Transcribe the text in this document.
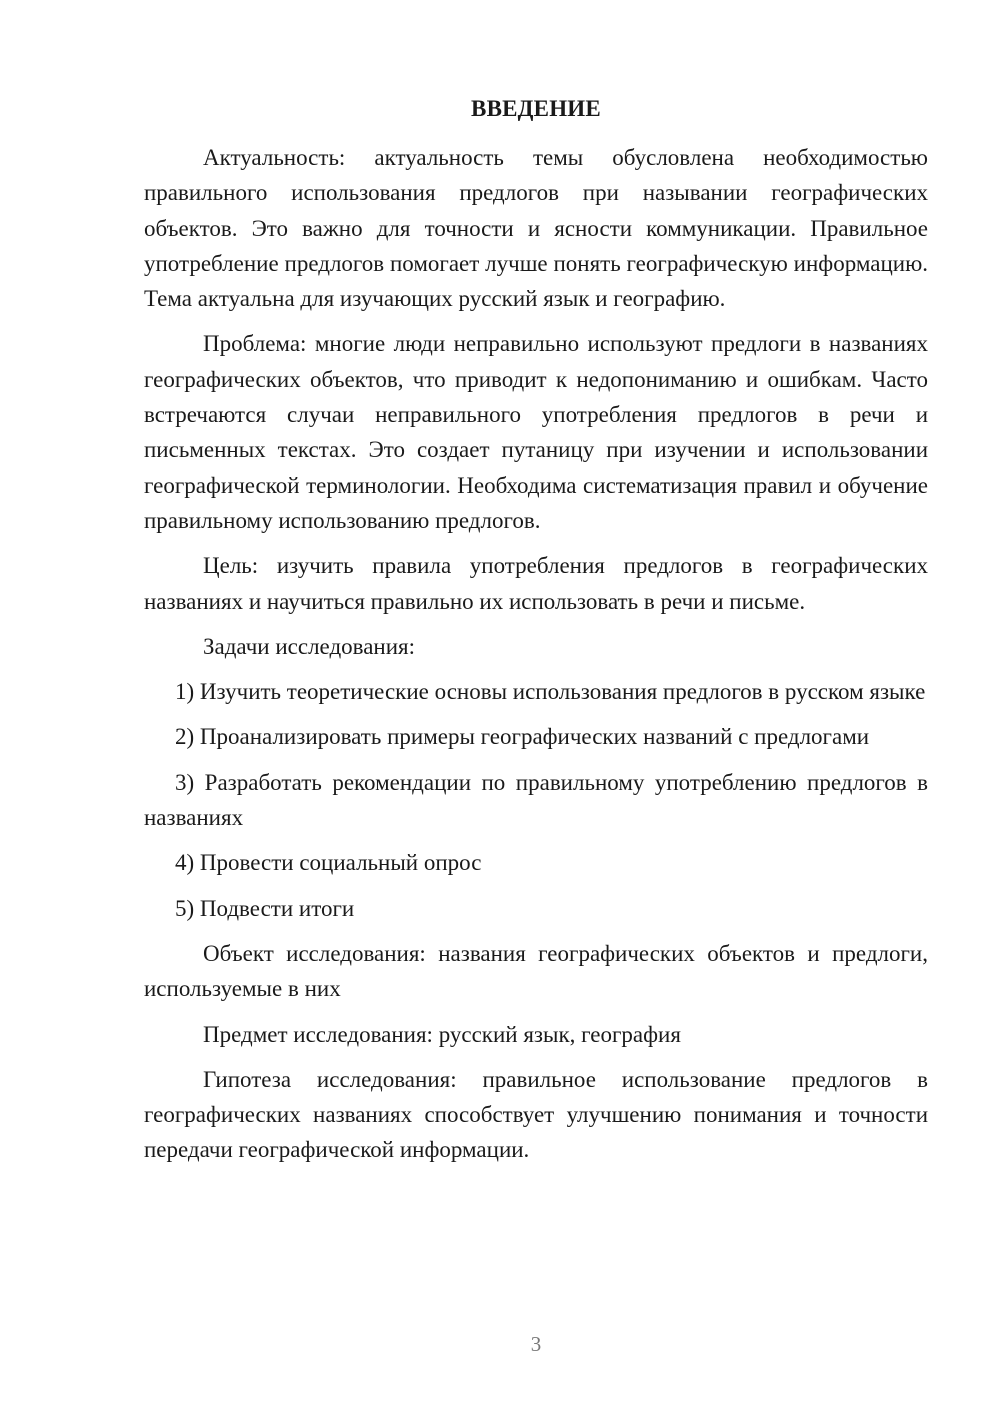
ВВЕДЕНИЕ

Актуальность: актуальность темы обусловлена необходимостью правильного использования предлогов при назывании географических объектов. Это важно для точности и ясности коммуникации. Правильное употребление предлогов помогает лучше понять географическую информацию. Тема актуальна для изучающих русский язык и географию.

Проблема: многие люди неправильно используют предлоги в названиях географических объектов, что приводит к недопониманию и ошибкам. Часто встречаются случаи неправильного употребления предлогов в речи и письменных текстах. Это создает путаницу при изучении и использовании географической терминологии. Необходима систематизация правил и обучение правильному использованию предлогов.

Цель: изучить правила употребления предлогов в географических названиях и научиться правильно их использовать в речи и письме.

Задачи исследования:

1) Изучить теоретические основы использования предлогов в русском языке

2) Проанализировать примеры географических названий с предлогами

3) Разработать рекомендации по правильному употреблению предлогов в названиях

4) Провести социальный опрос

5) Подвести итоги

Объект исследования: названия географических объектов и предлоги, используемые в них

Предмет исследования: русский язык, география

Гипотеза исследования: правильное использование предлогов в географических названиях способствует улучшению понимания и точности передачи географической информации.

3
